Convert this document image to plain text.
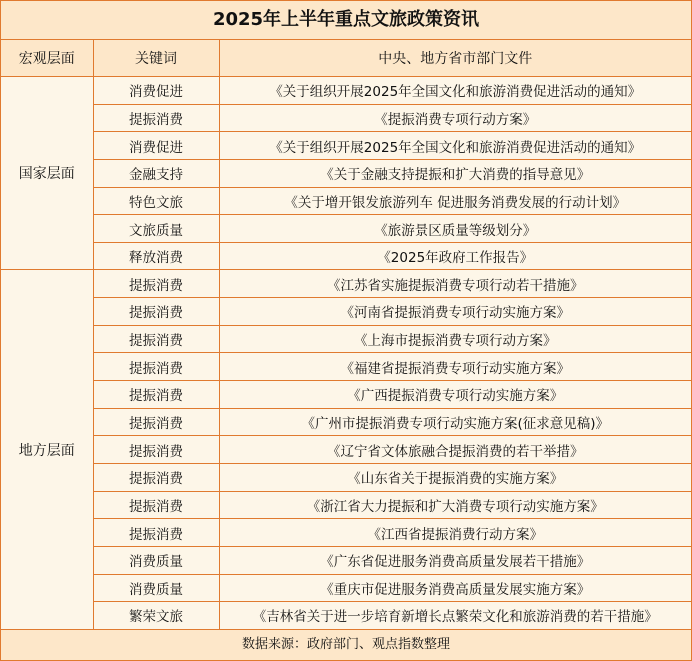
2025年上半年重点文旅政策资讯
宏观层面	关键词	中央、地方省市部门文件
国家层面	消费促进	《关于组织开展2025年全国文化和旅游消费促进活动的通知》
	提振消费	《提振消费专项行动方案》
	消费促进	《关于组织开展2025年全国文化和旅游消费促进活动的通知》
	金融支持	《关于金融支持提振和扩大消费的指导意见》
	特色文旅	《关于增开银发旅游列车 促进服务消费发展的行动计划》
	文旅质量	《旅游景区质量等级划分》
	释放消费	《2025年政府工作报告》
地方层面	提振消费	《江苏省实施提振消费专项行动若干措施》
	提振消费	《河南省提振消费专项行动实施方案》
	提振消费	《上海市提振消费专项行动方案》
	提振消费	《福建省提振消费专项行动实施方案》
	提振消费	《广西提振消费专项行动实施方案》
	提振消费	《广州市提振消费专项行动实施方案(征求意见稿)》
	提振消费	《辽宁省文体旅融合提振消费的若干举措》
	提振消费	《山东省关于提振消费的实施方案》
	提振消费	《浙江省大力提振和扩大消费专项行动实施方案》
	提振消费	《江西省提振消费行动方案》
	消费质量	《广东省促进服务消费高质量发展若干措施》
	消费质量	《重庆市促进服务消费高质量发展实施方案》
	繁荣文旅	《吉林省关于进一步培育新增长点繁荣文化和旅游消费的若干措施》
数据来源：政府部门、观点指数整理
